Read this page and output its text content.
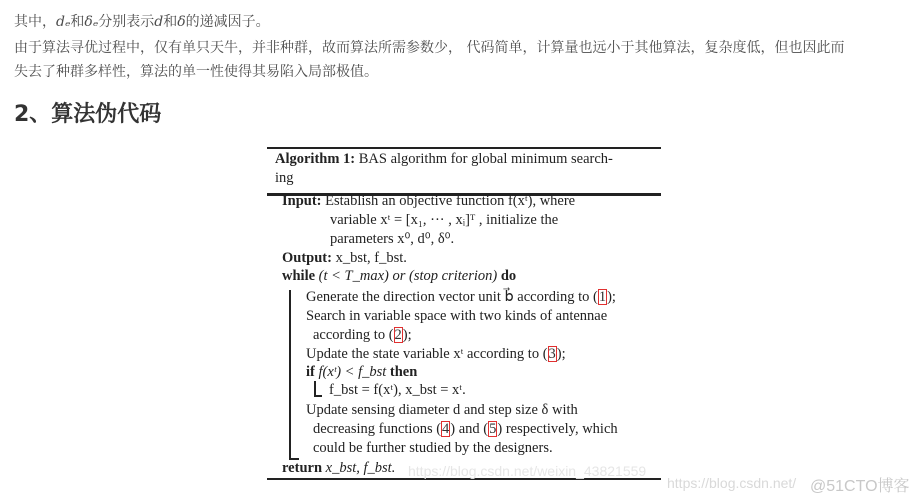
其中，dₑ和δₑ分别表示d和δ的递减因子。
由于算法寻优过程中，仅有单只天牛，并非种群，故而算法所需参数少， 代码简单，计算量也远小于其他算法，复杂度低，但也因此而
失去了种群多样性，算法的单一性使得其易陷入局部极值。
2、算法伪代码
Algorithm 1: BAS algorithm for global minimum search-
ing
Input: Establish an objective function f(xᵗ), where
variable xᵗ = [x₁, ··· , xᵢ]ᵀ , initialize the
parameters x⁰, d⁰, δ⁰.
Output: x_bst, f_bst.
while (t < T_max) or (stop criterion) do
Generate the direction vector unit b⃗ according to (1);
Search in variable space with two kinds of antennae
according to (2);
Update the state variable xᵗ according to (3);
if f(xᵗ) < f_bst then
f_bst = f(xᵗ), x_bst = xᵗ.
Update sensing diameter d and step size δ with
decreasing functions (4) and (5) respectively, which
could be further studied by the designers.
return x_bst, f_bst. https://blog.csdn.net/weixin_43821559
https://blog.csdn.net/ @51CTO博客
